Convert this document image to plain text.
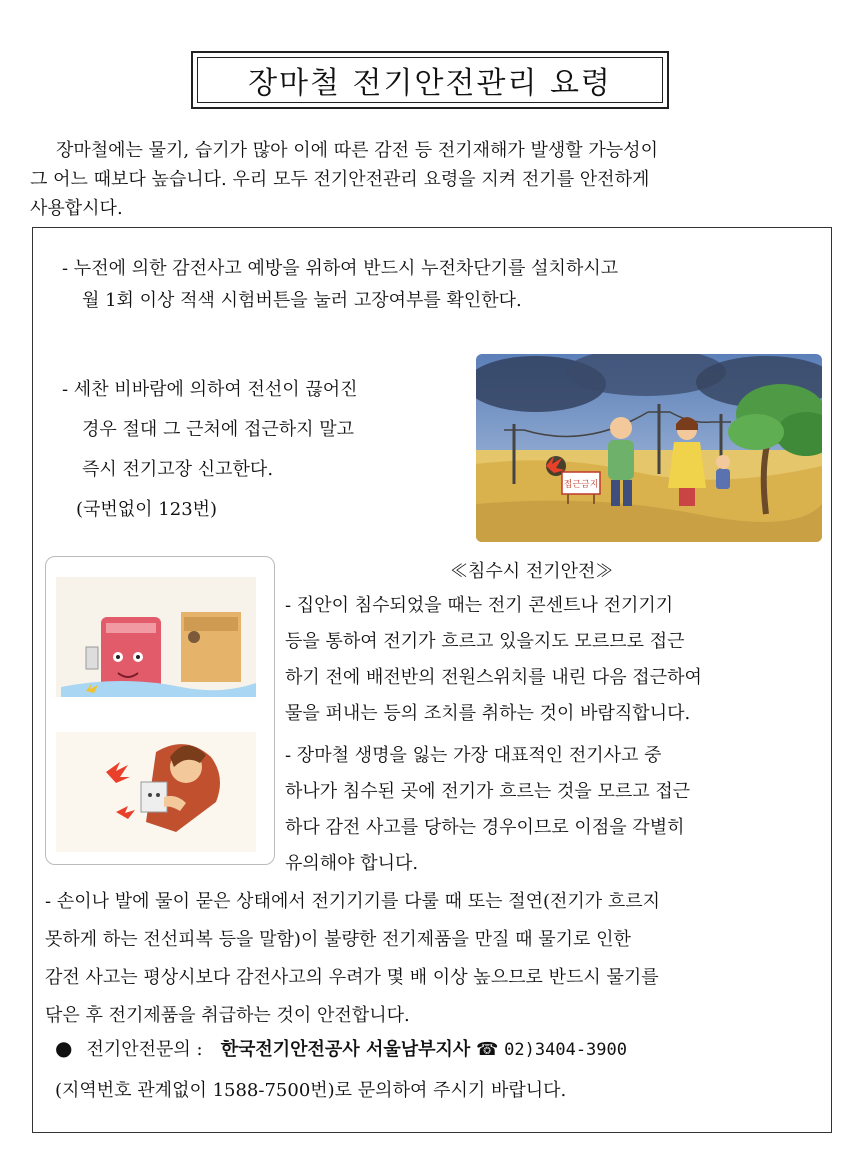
장마철 전기안전관리 요령
장마철에는 물기, 습기가 많아 이에 따른 감전 등 전기재해가 발생할 가능성이
그 어느 때보다 높습니다. 우리 모두 전기안전관리 요령을 지켜 전기를 안전하게
사용합시다.
- 누전에 의한 감전사고 예방을 위하여 반드시 누전차단기를 설치하시고
월 1회 이상 적색 시험버튼을 눌러 고장여부를 확인한다.
- 세찬 비바람에 의하여 전선이 끊어진
경우 절대 그 근처에 접근하지 말고
즉시 전기고장 신고한다.
(국번없이 123번)
접근금지
≪침수시 전기안전≫
- 집안이 침수되었을 때는 전기 콘센트나 전기기기
등을 통하여 전기가 흐르고 있을지도 모르므로 접근
하기 전에 배전반의 전원스위치를 내린 다음 접근하여
물을 퍼내는 등의 조치를 취하는 것이 바람직합니다.
- 장마철 생명을 잃는 가장 대표적인 전기사고 중
하나가 침수된 곳에 전기가 흐르는 것을 모르고 접근
하다 감전 사고를 당하는 경우이므로 이점을 각별히
유의해야 합니다.
- 손이나 발에 물이 묻은 상태에서 전기기기를 다룰 때 또는 절연(전기가 흐르지
못하게 하는 전선피복 등을 말함)이 불량한 전기제품을 만질 때 물기로 인한
감전 사고는 평상시보다 감전사고의 우려가 몇 배 이상 높으므로 반드시 물기를
닦은 후 전기제품을 취급하는 것이 안전합니다.
● 전기안전문의 : 한국전기안전공사 서울남부지사 ☎ 02)3404-3900
(지역번호 관계없이 1588-7500번)로 문의하여 주시기 바랍니다.
